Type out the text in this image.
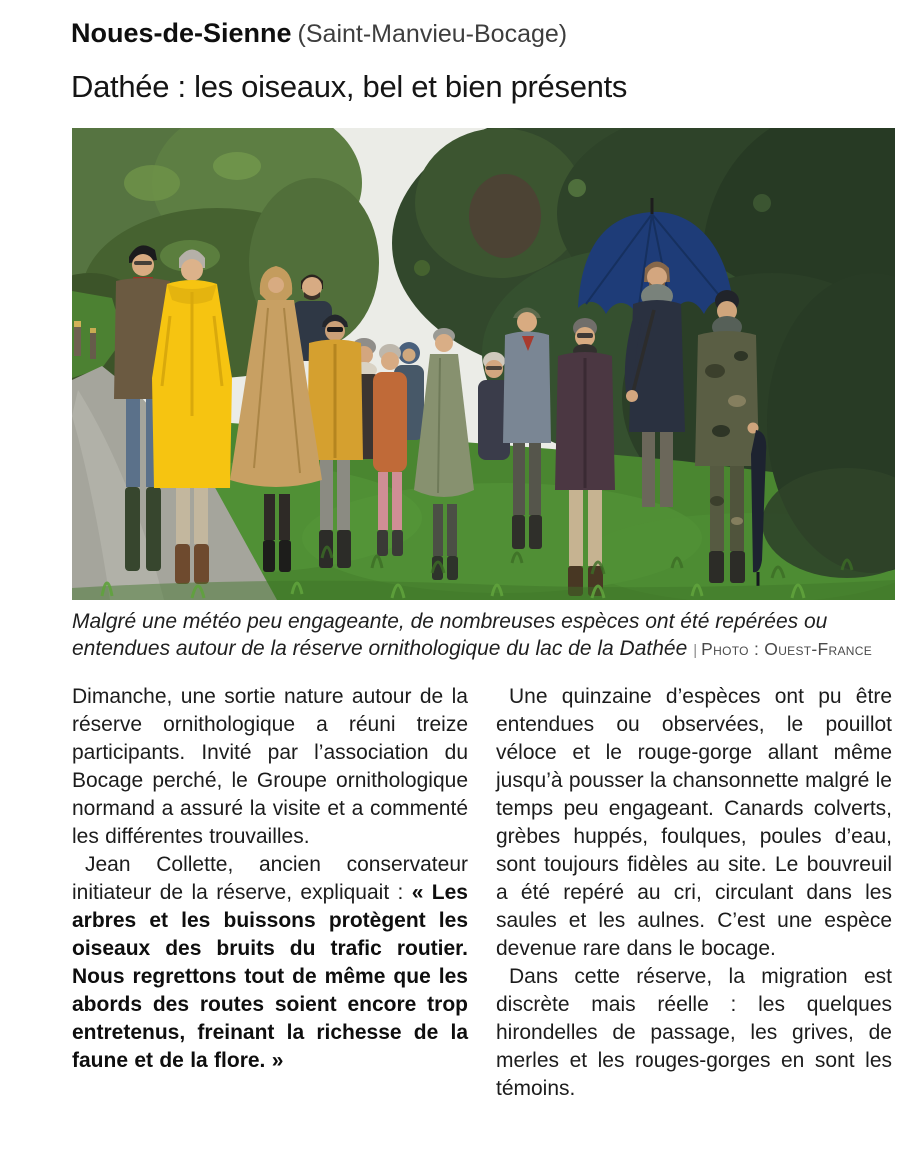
Noues-de-Sienne (Saint-Manvieu-Bocage)
Dathée : les oiseaux, bel et bien présents
Malgré une météo peu engageante, de nombreuses espèces ont été repérées ou entendues autour de la réserve ornithologique du lac de la Dathée | Photo : Ouest-France

Dimanche, une sortie nature autour de la réserve ornithologique a réuni treize participants. Invité par l’association du Bocage perché, le Groupe ornithologique normand a assuré la visite et a commenté les différentes trouvailles.

Jean Collette, ancien conservateur initiateur de la réserve, expliquait : « Les arbres et les buissons protègent les oiseaux des bruits du trafic routier. Nous regrettons tout de même que les abords des routes soient encore trop entretenus, freinant la richesse de la faune et de la flore. »

Une quinzaine d’espèces ont pu être entendues ou observées, le pouillot véloce et le rouge-gorge allant même jusqu’à pousser la chansonnette malgré le temps peu engageant. Canards colverts, grèbes huppés, foulques, poules d’eau, sont toujours fidèles au site. Le bouvreuil a été repéré au cri, circulant dans les saules et les aulnes. C’est une espèce devenue rare dans le bocage.

Dans cette réserve, la migration est discrète mais réelle : les quelques hirondelles de passage, les grives, de merles et les rouges-gorges en sont les témoins.
